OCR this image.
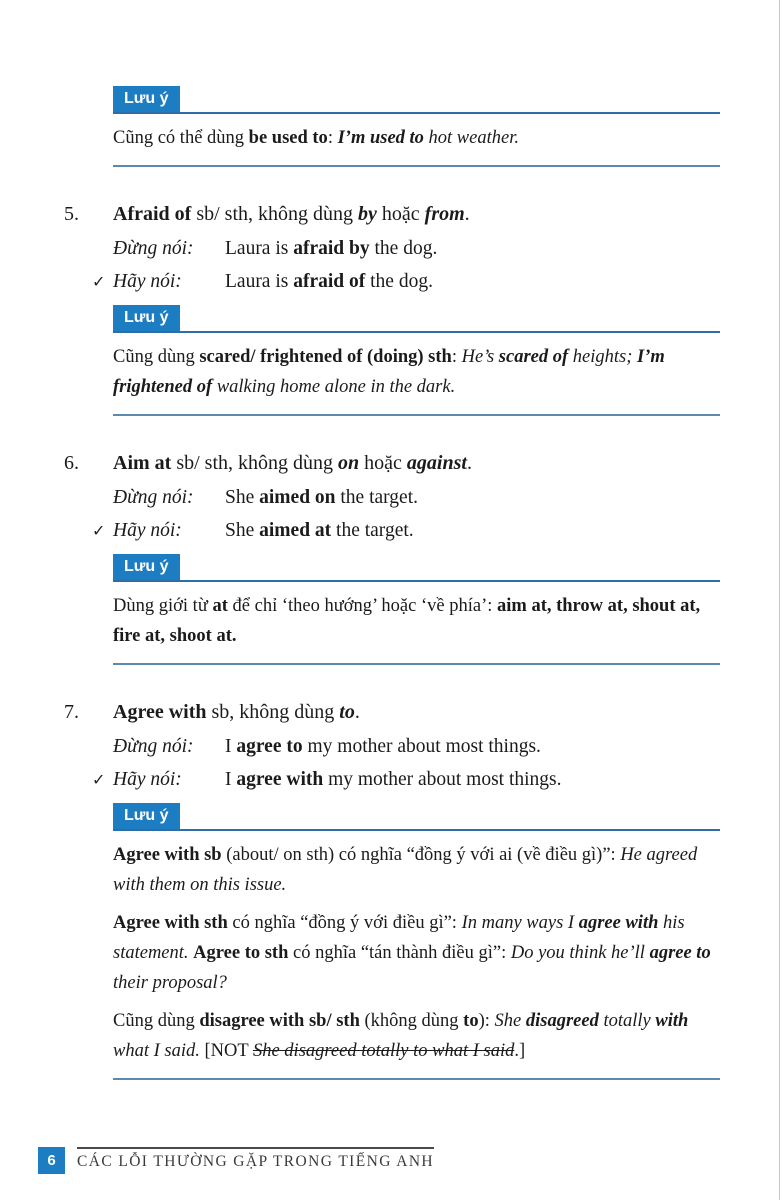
Lưu ý

Cũng có thể dùng be used to: I’m used to hot weather.

5.	Afraid of sb/ sth, không dùng by hoặc from.
Đừng nói:	Laura is afraid by the dog.
✓ Hãy nói:	Laura is afraid of the dog.
Lưu ý

Cũng dùng scared/ frightened of (doing) sth: He’s scared of heights; I’m frightened of walking home alone in the dark.

6.	Aim at sb/ sth, không dùng on hoặc against.
Đừng nói:	She aimed on the target.
✓ Hãy nói:	She aimed at the target.
Lưu ý

Dùng giới từ at để chỉ ‘theo hướng’ hoặc ‘về phía’: aim at, throw at, shout at, fire at, shoot at.

7.	Agree with sb, không dùng to.
Đừng nói:	I agree to my mother about most things.
✓ Hãy nói:	I agree with my mother about most things.
Lưu ý

Agree with sb (about/ on sth) có nghĩa “đồng ý với ai (về điều gì)”: He agreed with them on this issue.

Agree with sth có nghĩa “đồng ý với điều gì”: In many ways I agree with his statement. Agree to sth có nghĩa “tán thành điều gì”: Do you think he’ll agree to their proposal?

Cũng dùng disagree with sb/ sth (không dùng to): She disagreed totally with what I said. [NOT She disagreed totally to what I said.]

6	CÁC LỖI THƯỜNG GẶP TRONG TIẾNG ANH
